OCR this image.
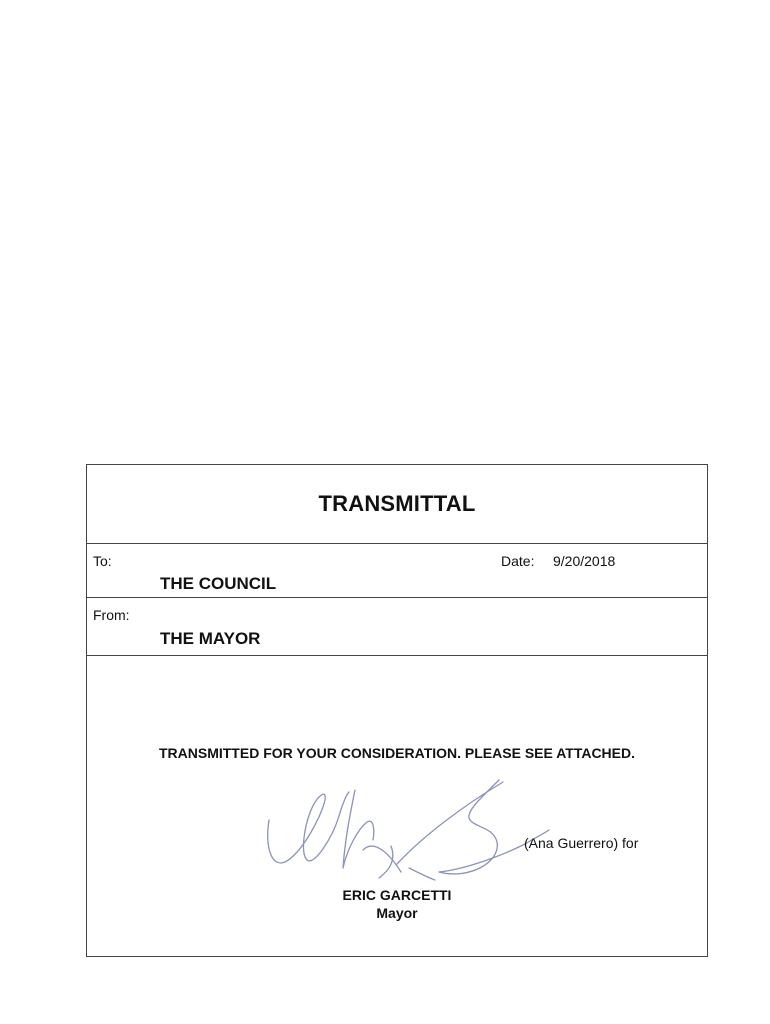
TRANSMITTAL
To:
THE COUNCIL
Date: 9/20/2018
From:
THE MAYOR
TRANSMITTED FOR YOUR CONSIDERATION. PLEASE SEE ATTACHED.
(Ana Guerrero) for
ERIC GARCETTI
Mayor
